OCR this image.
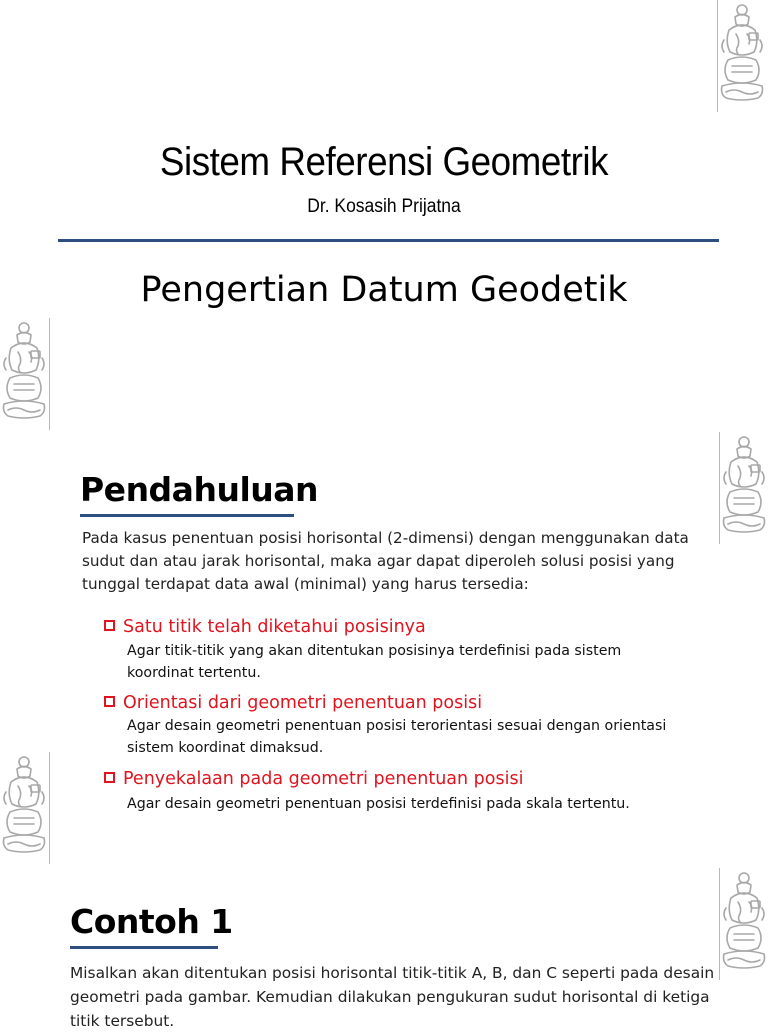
Sistem Referensi Geometrik
Dr. Kosasih Prijatna
Pengertian Datum Geodetik
Pendahuluan
Pada kasus penentuan posisi horisontal (2-dimensi) dengan menggunakan data sudut dan atau jarak horisontal, maka agar dapat diperoleh solusi posisi yang tunggal terdapat data awal (minimal) yang harus tersedia:
Satu titik telah diketahui posisinya
Agar titik-titik yang akan ditentukan posisinya terdefinisi pada sistem koordinat tertentu.
Orientasi dari geometri penentuan posisi
Agar desain geometri penentuan posisi terorientasi sesuai dengan orientasi sistem koordinat dimaksud.
Penyekalaan pada geometri penentuan posisi
Agar desain geometri penentuan posisi terdefinisi pada skala tertentu.
Contoh 1
Misalkan akan ditentukan posisi horisontal titik-titik A, B, dan C seperti pada desain geometri pada gambar. Kemudian dilakukan pengukuran sudut horisontal di ketiga titik tersebut.
